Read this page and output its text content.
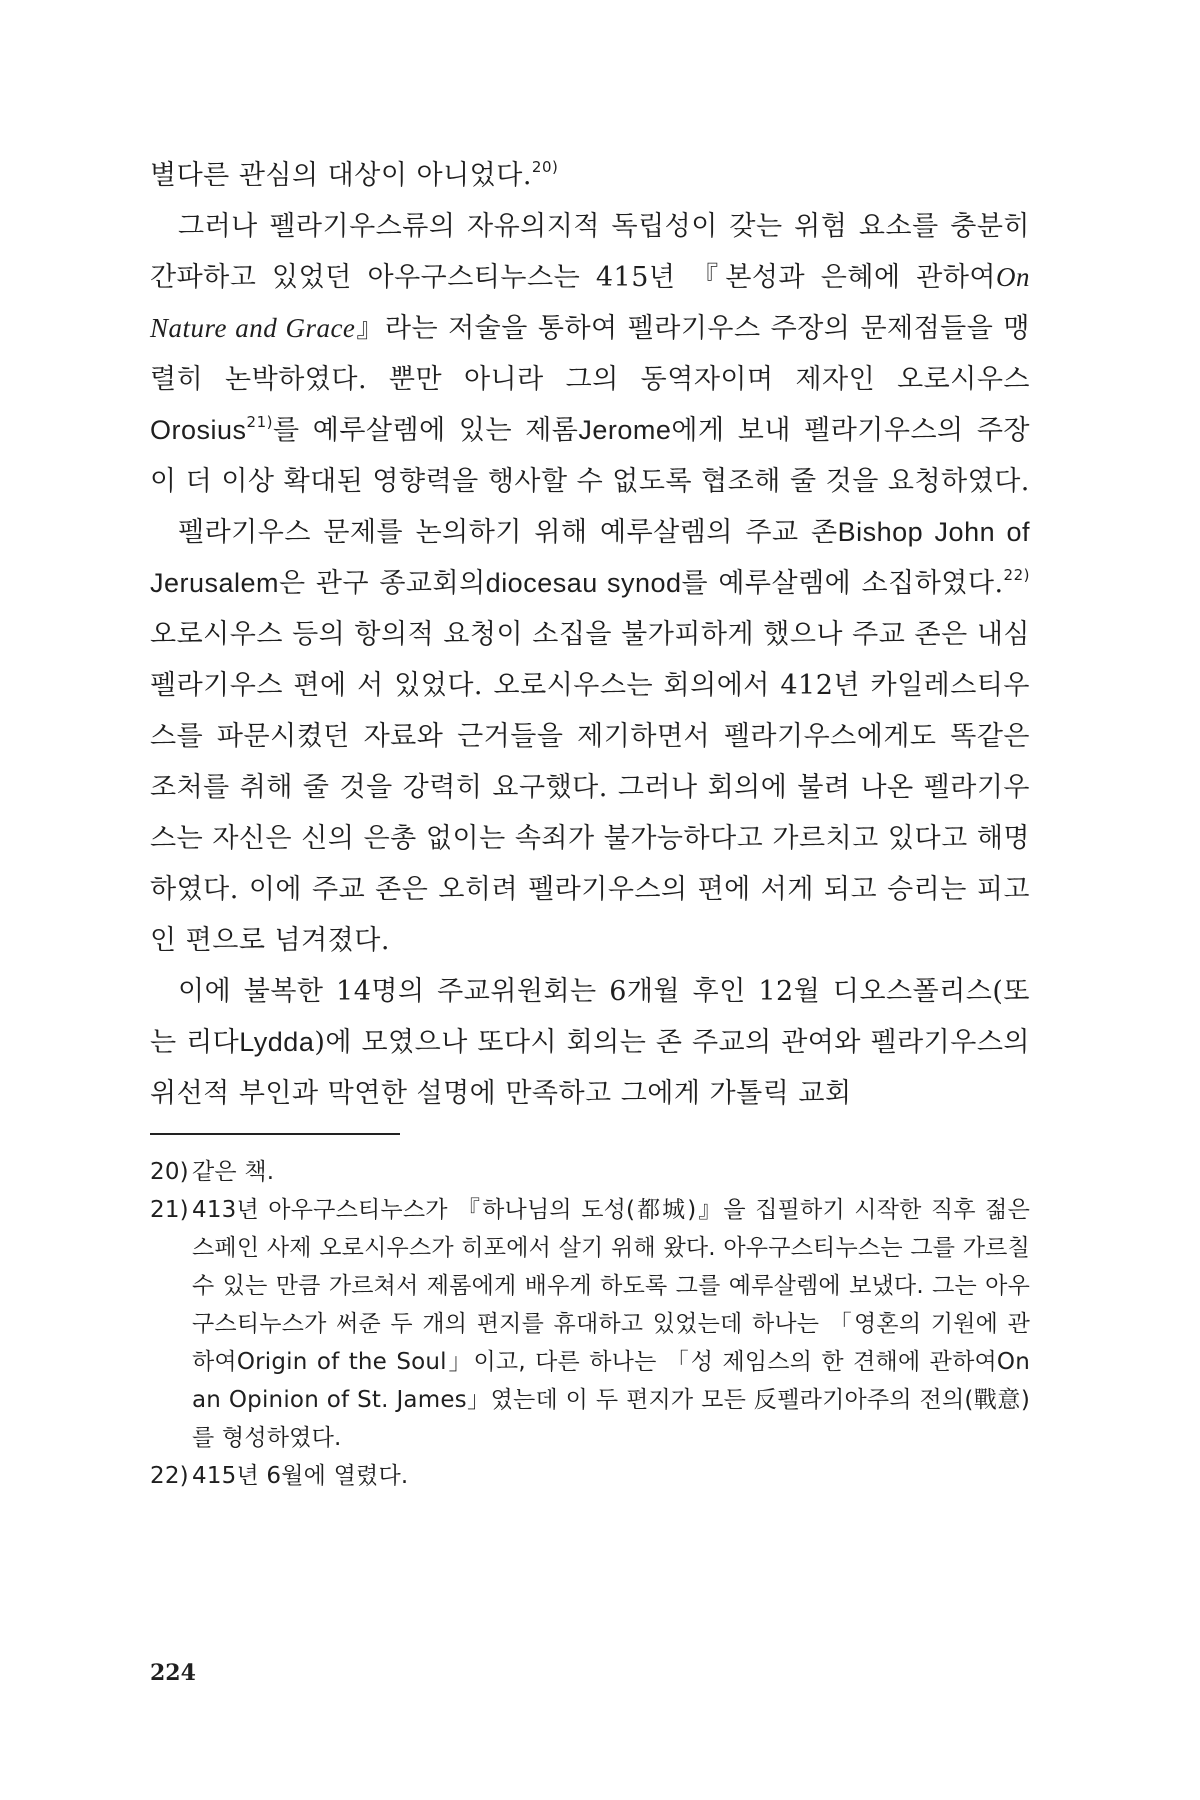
별다른 관심의 대상이 아니었다.$^{20)}$

그러나 펠라기우스류의 자유의지적 독립성이 갖는 위험 요소를 충분히 간파하고 있었던 아우구스티누스는 415년 『본성과 은혜에 관하여On Nature and Grace』라는 저술을 통하여 펠라기우스 주장의 문제점들을 맹렬히 논박하였다. 뿐만 아니라 그의 동역자이며 제자인 오로시우스Orosius$^{21)}$를 예루살렘에 있는 제롬Jerome에게 보내 펠라기우스의 주장이 더 이상 확대된 영향력을 행사할 수 없도록 협조해 줄 것을 요청하였다.

펠라기우스 문제를 논의하기 위해 예루살렘의 주교 존Bishop John of Jerusalem은 관구 종교회의diocesau synod를 예루살렘에 소집하였다.$^{22)}$ 오로시우스 등의 항의적 요청이 소집을 불가피하게 했으나 주교 존은 내심 펠라기우스 편에 서 있었다. 오로시우스는 회의에서 412년 카일레스티우스를 파문시켰던 자료와 근거들을 제기하면서 펠라기우스에게도 똑같은 조처를 취해 줄 것을 강력히 요구했다. 그러나 회의에 불려 나온 펠라기우스는 자신은 신의 은총 없이는 속죄가 불가능하다고 가르치고 있다고 해명하였다. 이에 주교 존은 오히려 펠라기우스의 편에 서게 되고 승리는 피고인 편으로 넘겨졌다.

이에 불복한 14명의 주교위원회는 6개월 후인 12월 디오스폴리스(또는 리다Lydda)에 모였으나 또다시 회의는 존 주교의 관여와 펠라기우스의 위선적 부인과 막연한 설명에 만족하고 그에게 가톨릭 교회

20) 같은 책.
21) 413년 아우구스티누스가 『하나님의 도성(都城)』을 집필하기 시작한 직후 젊은 스페인 사제 오로시우스가 히포에서 살기 위해 왔다. 아우구스티누스는 그를 가르칠 수 있는 만큼 가르쳐서 제롬에게 배우게 하도록 그를 예루살렘에 보냈다. 그는 아우구스티누스가 써준 두 개의 편지를 휴대하고 있었는데 하나는 「영혼의 기원에 관하여Origin of the Soul」이고, 다른 하나는 「성 제임스의 한 견해에 관하여On an Opinion of St. James」였는데 이 두 편지가 모든 反펠라기아주의 전의(戰意)를 형성하였다.
22) 415년 6월에 열렸다.
224
